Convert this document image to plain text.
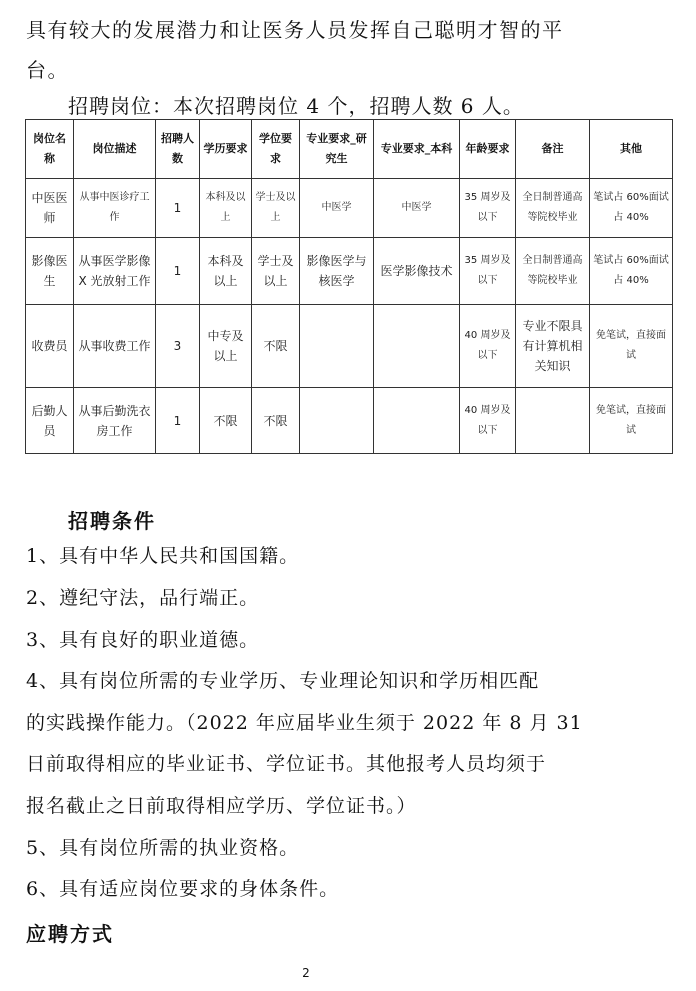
具有较大的发展潜力和让医务人员发挥自己聪明才智的平
台。
招聘岗位：本次招聘岗位 4 个，招聘人数 6 人。
岗位名称	岗位描述	招聘人数	学历要求	学位要求	专业要求_研究生	专业要求_本科	年龄要求	备注	其他
中医医师	从事中医诊疗工作	1	本科及以上	学士及以上	中医学	中医学	35 周岁及以下	全日制普通高等院校毕业	笔试占 60%面试占 40%
影像医生	从事医学影像 X 光放射工作	1	本科及以上	学士及以上	影像医学与核医学	医学影像技术	35 周岁及以下	全日制普通高等院校毕业	笔试占 60%面试占 40%
收费员	从事收费工作	3	中专及以上	不限			40 周岁及以下	专业不限具有计算机相关知识	免笔试，直接面试
后勤人员	从事后勤洗衣房工作	1	不限	不限			40 周岁及以下		免笔试，直接面试
招聘条件
1、具有中华人民共和国国籍。
2、遵纪守法，品行端正。
3、具有良好的职业道德。
4、具有岗位所需的专业学历、专业理论知识和学历相匹配
的实践操作能力。（2022 年应届毕业生须于 2022 年 8 月 31
日前取得相应的毕业证书、学位证书。其他报考人员均须于
报名截止之日前取得相应学历、学位证书。）
5、具有岗位所需的执业资格。
6、具有适应岗位要求的身体条件。
应聘方式
2
